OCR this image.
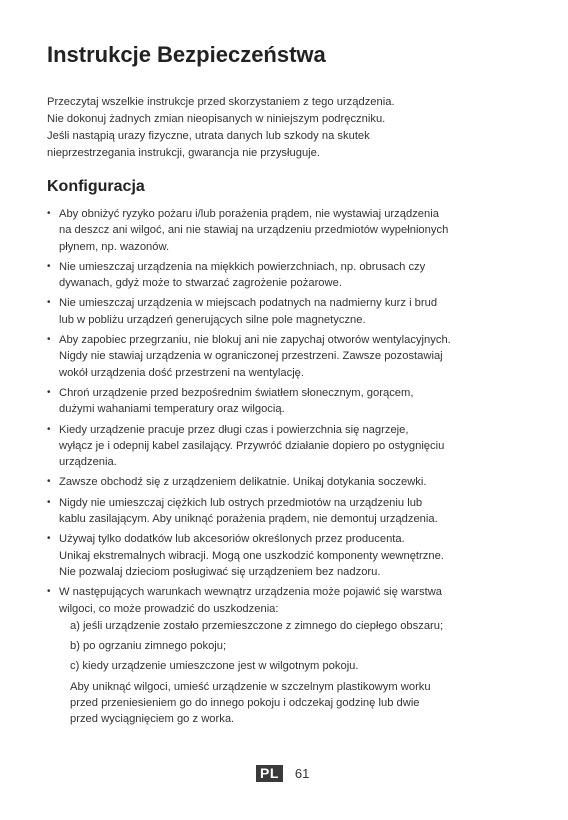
Instrukcje Bezpieczeństwa

Przeczytaj wszelkie instrukcje przed skorzystaniem z tego urządzenia.
Nie dokonuj żadnych zmian nieopisanych w niniejszym podręczniku.
Jeśli nastąpią urazy fizyczne, utrata danych lub szkody na skutek
nieprzestrzegania instrukcji, gwarancja nie przysługuje.

Konfiguracja
• Aby obniżyć ryzyko pożaru i/lub porażenia prądem, nie wystawiaj urządzenia
na deszcz ani wilgoć, ani nie stawiaj na urządzeniu przedmiotów wypełnionych
płynem, np. wazonów.
• Nie umieszczaj urządzenia na miękkich powierzchniach, np. obrusach czy
dywanach, gdyż może to stwarzać zagrożenie pożarowe.
• Nie umieszczaj urządzenia w miejscach podatnych na nadmierny kurz i brud
lub w pobliżu urządzeń generujących silne pole magnetyczne.
• Aby zapobiec przegrzaniu, nie blokuj ani nie zapychaj otworów wentylacyjnych.
Nigdy nie stawiaj urządzenia w ograniczonej przestrzeni. Zawsze pozostawiaj
wokół urządzenia dość przestrzeni na wentylację.
• Chroń urządzenie przed bezpośrednim światłem słonecznym, gorącem,
dużymi wahaniami temperatury oraz wilgocią.
• Kiedy urządzenie pracuje przez długi czas i powierzchnia się nagrzeje,
wyłącz je i odepnij kabel zasilający. Przywróć działanie dopiero po ostygnięciu
urządzenia.
• Zawsze obchodź się z urządzeniem delikatnie. Unikaj dotykania soczewki.
• Nigdy nie umieszczaj ciężkich lub ostrych przedmiotów na urządzeniu lub
kablu zasilającym. Aby uniknąć porażenia prądem, nie demontuj urządzenia.
• Używaj tylko dodatków lub akcesoriów określonych przez producenta.
Unikaj ekstremalnych wibracji. Mogą one uszkodzić komponenty wewnętrzne.
Nie pozwalaj dzieciom posługiwać się urządzeniem bez nadzoru.
• W następujących warunkach wewnątrz urządzenia może pojawić się warstwa
wilgoci, co może prowadzić do uszkodzenia:
a) jeśli urządzenie zostało przemieszczone z zimnego do ciepłego obszaru;
b) po ogrzaniu zimnego pokoju;
c) kiedy urządzenie umieszczone jest w wilgotnym pokoju.
Aby uniknąć wilgoci, umieść urządzenie w szczelnym plastikowym worku
przed przeniesieniem go do innego pokoju i odczekaj godzinę lub dwie
przed wyciągnięciem go z worka.
PL	61
